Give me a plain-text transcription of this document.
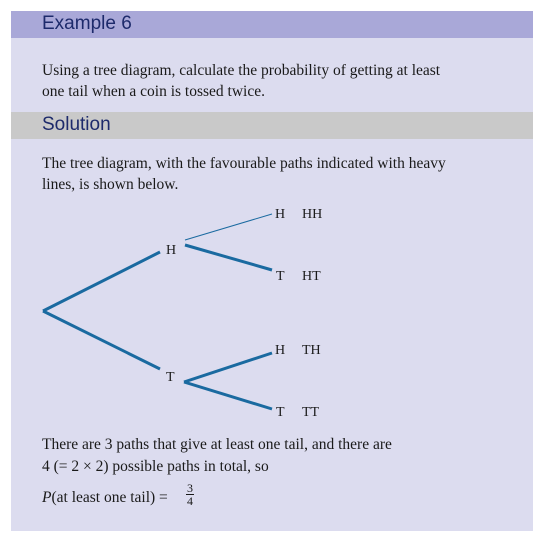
Example 6
Using a tree diagram, calculate the probability of getting at least
one tail when a coin is tossed twice.
Solution
The tree diagram, with the favourable paths indicated with heavy
lines, is shown below.
H
T
H HH
T HT
H TH
T TT
There are 3 paths that give at least one tail, and there are
4 (= 2 × 2) possible paths in total, so
P(at least one tail) = $\frac{3}{4}$
